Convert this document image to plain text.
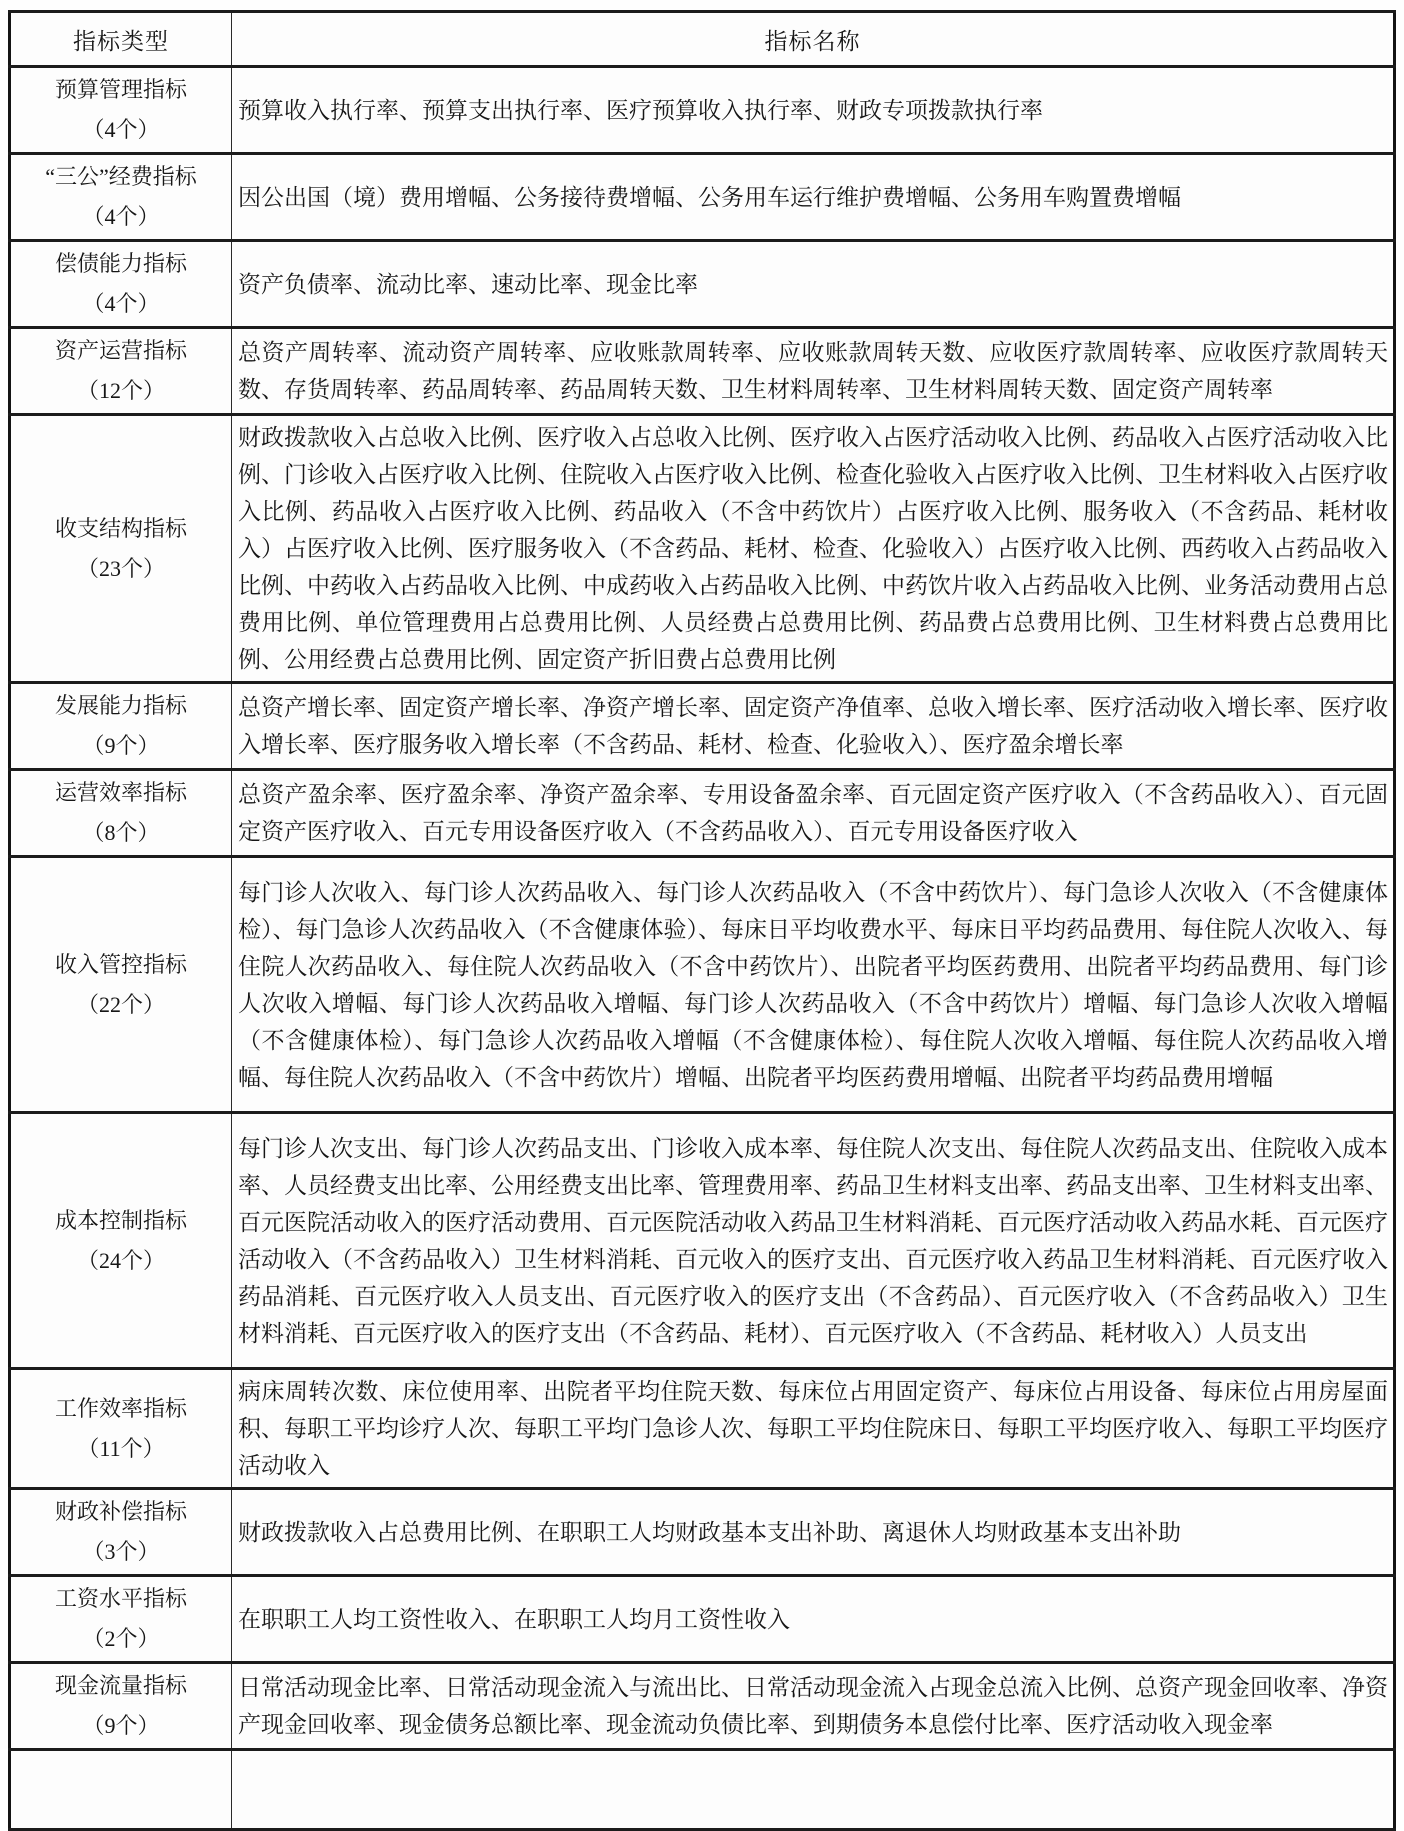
指标类型	指标名称

预算管理指标
（4个）	预算收入执行率、预算支出执行率、医疗预算收入执行率、财政专项拨款执行率

“三公”经费指标
（4个）	因公出国（境）费用增幅、公务接待费增幅、公务用车运行维护费增幅、公务用车购置费增幅

偿债能力指标
（4个）	资产负债率、流动比率、速动比率、现金比率

资产运营指标
（12个）	总资产周转率、流动资产周转率、应收账款周转率、应收账款周转天数、应收医疗款周转率、应收医疗款周转天数、存货周转率、药品周转率、药品周转天数、卫生材料周转率、卫生材料周转天数、固定资产周转率

收支结构指标
（23个）	财政拨款收入占总收入比例、医疗收入占总收入比例、医疗收入占医疗活动收入比例、药品收入占医疗活动收入比例、门诊收入占医疗收入比例、住院收入占医疗收入比例、检查化验收入占医疗收入比例、卫生材料收入占医疗收入比例、药品收入占医疗收入比例、药品收入（不含中药饮片）占医疗收入比例、服务收入（不含药品、耗材收入）占医疗收入比例、医疗服务收入（不含药品、耗材、检查、化验收入）占医疗收入比例、西药收入占药品收入比例、中药收入占药品收入比例、中成药收入占药品收入比例、中药饮片收入占药品收入比例、业务活动费用占总费用比例、单位管理费用占总费用比例、人员经费占总费用比例、药品费占总费用比例、卫生材料费占总费用比例、公用经费占总费用比例、固定资产折旧费占总费用比例

发展能力指标
（9个）	总资产增长率、固定资产增长率、净资产增长率、固定资产净值率、总收入增长率、医疗活动收入增长率、医疗收入增长率、医疗服务收入增长率（不含药品、耗材、检查、化验收入）、医疗盈余增长率

运营效率指标
（8个）	总资产盈余率、医疗盈余率、净资产盈余率、专用设备盈余率、百元固定资产医疗收入（不含药品收入）、百元固定资产医疗收入、百元专用设备医疗收入（不含药品收入）、百元专用设备医疗收入

收入管控指标
（22个）	每门诊人次收入、每门诊人次药品收入、每门诊人次药品收入（不含中药饮片）、每门急诊人次收入（不含健康体检）、每门急诊人次药品收入（不含健康体验）、每床日平均收费水平、每床日平均药品费用、每住院人次收入、每住院人次药品收入、每住院人次药品收入（不含中药饮片）、出院者平均医药费用、出院者平均药品费用、每门诊人次收入增幅、每门诊人次药品收入增幅、每门诊人次药品收入（不含中药饮片）增幅、每门急诊人次收入增幅（不含健康体检）、每门急诊人次药品收入增幅（不含健康体检）、每住院人次收入增幅、每住院人次药品收入增幅、每住院人次药品收入（不含中药饮片）增幅、出院者平均医药费用增幅、出院者平均药品费用增幅

成本控制指标
（24个）	每门诊人次支出、每门诊人次药品支出、门诊收入成本率、每住院人次支出、每住院人次药品支出、住院收入成本率、人员经费支出比率、公用经费支出比率、管理费用率、药品卫生材料支出率、药品支出率、卫生材料支出率、百元医院活动收入的医疗活动费用、百元医院活动收入药品卫生材料消耗、百元医疗活动收入药品水耗、百元医疗活动收入（不含药品收入）卫生材料消耗、百元收入的医疗支出、百元医疗收入药品卫生材料消耗、百元医疗收入药品消耗、百元医疗收入人员支出、百元医疗收入的医疗支出（不含药品）、百元医疗收入（不含药品收入）卫生材料消耗、百元医疗收入的医疗支出（不含药品、耗材）、百元医疗收入（不含药品、耗材收入）人员支出

工作效率指标
（11个）	病床周转次数、床位使用率、出院者平均住院天数、每床位占用固定资产、每床位占用设备、每床位占用房屋面积、每职工平均诊疗人次、每职工平均门急诊人次、每职工平均住院床日、每职工平均医疗收入、每职工平均医疗活动收入

财政补偿指标
（3个）	财政拨款收入占总费用比例、在职职工人均财政基本支出补助、离退休人均财政基本支出补助

工资水平指标
（2个）	在职职工人均工资性收入、在职职工人均月工资性收入

现金流量指标
（9个）	日常活动现金比率、日常活动现金流入与流出比、日常活动现金流入占现金总流入比例、总资产现金回收率、净资产现金回收率、现金债务总额比率、现金流动负债比率、到期债务本息偿付比率、医疗活动收入现金率
